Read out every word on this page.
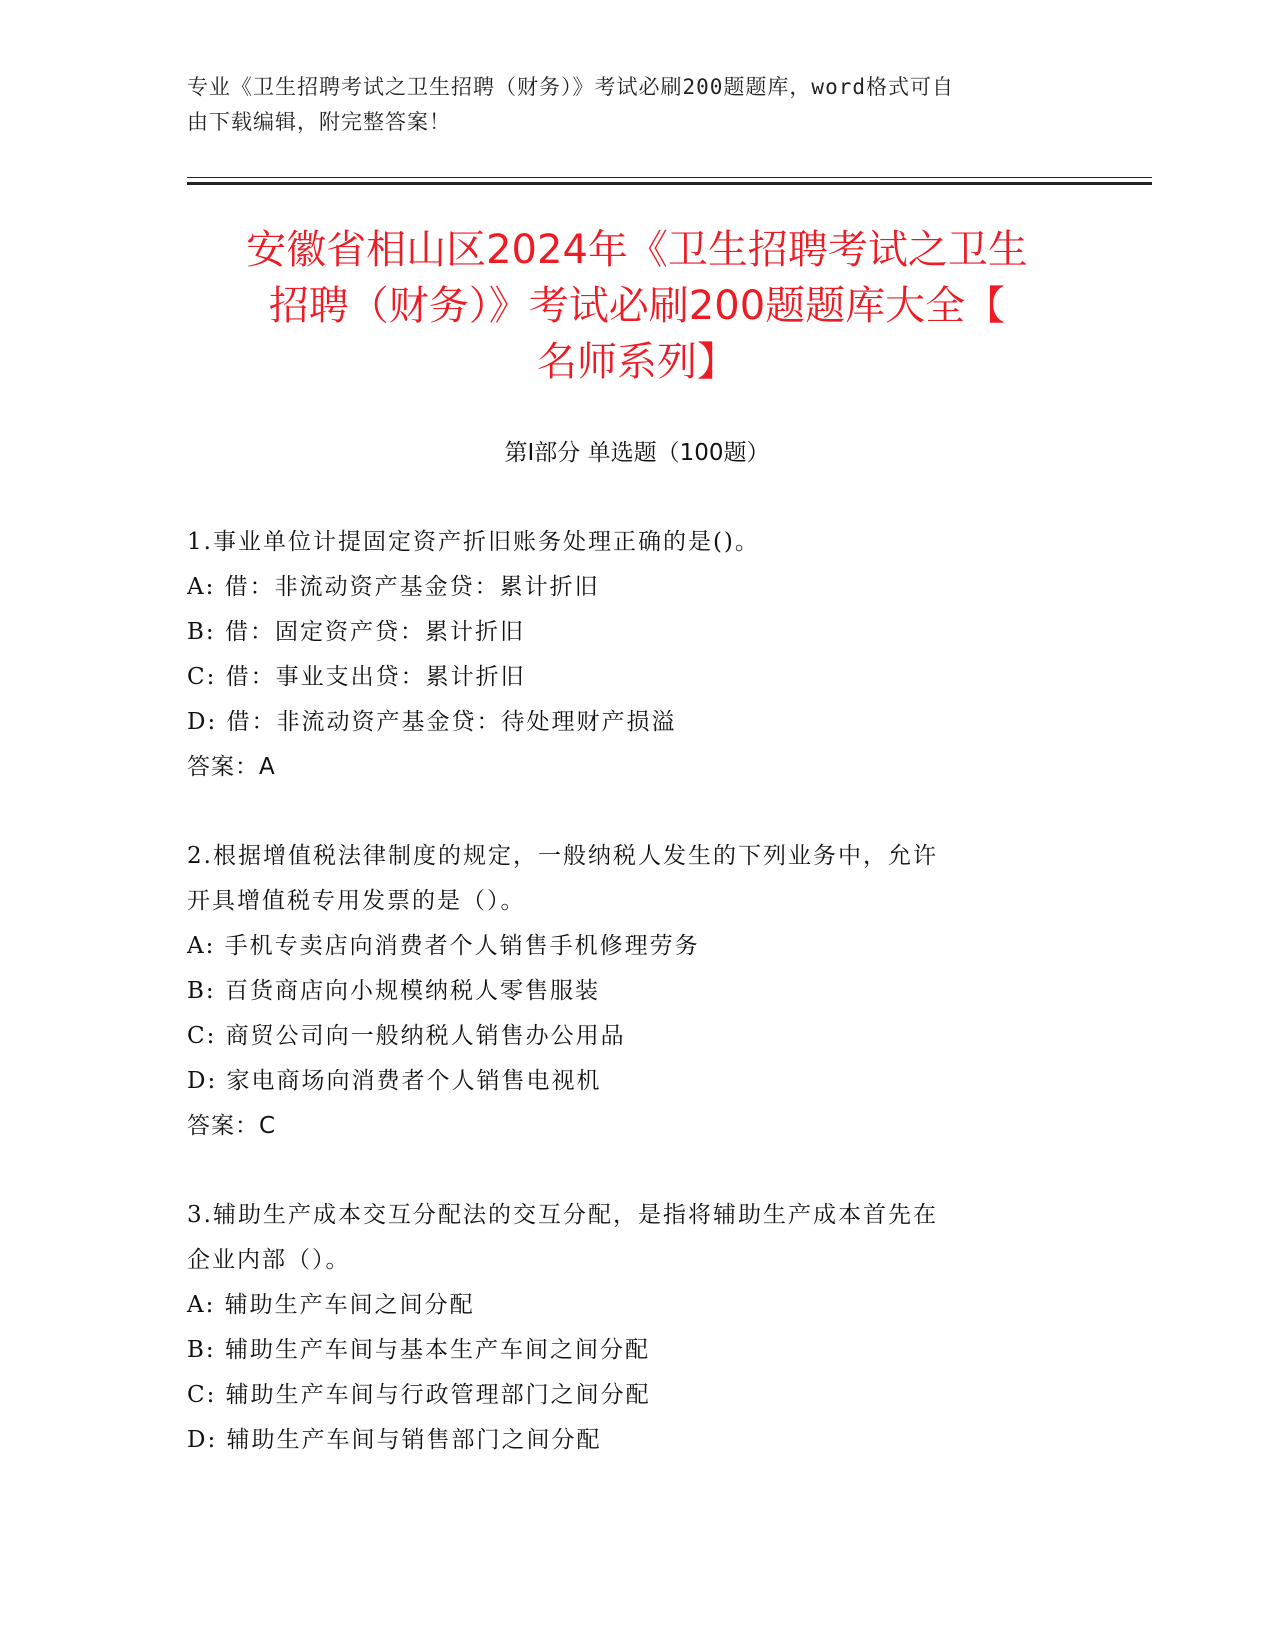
专业《卫生招聘考试之卫生招聘（财务）》考试必刷200题题库，word格式可自
由下载编辑，附完整答案！
安徽省相山区2024年《卫生招聘考试之卫生
招聘（财务）》考试必刷200题题库大全【
名师系列】
第I部分 单选题（100题）
1.事业单位计提固定资产折旧账务处理正确的是()。
A: 借：非流动资产基金贷：累计折旧
B: 借：固定资产贷：累计折旧
C: 借：事业支出贷：累计折旧
D: 借：非流动资产基金贷：待处理财产损溢
答案：A
2.根据增值税法律制度的规定，一般纳税人发生的下列业务中，允许
开具增值税专用发票的是（）。
A: 手机专卖店向消费者个人销售手机修理劳务
B: 百货商店向小规模纳税人零售服装
C: 商贸公司向一般纳税人销售办公用品
D: 家电商场向消费者个人销售电视机
答案：C
3.辅助生产成本交互分配法的交互分配，是指将辅助生产成本首先在
企业内部（）。
A: 辅助生产车间之间分配
B: 辅助生产车间与基本生产车间之间分配
C: 辅助生产车间与行政管理部门之间分配
D: 辅助生产车间与销售部门之间分配
